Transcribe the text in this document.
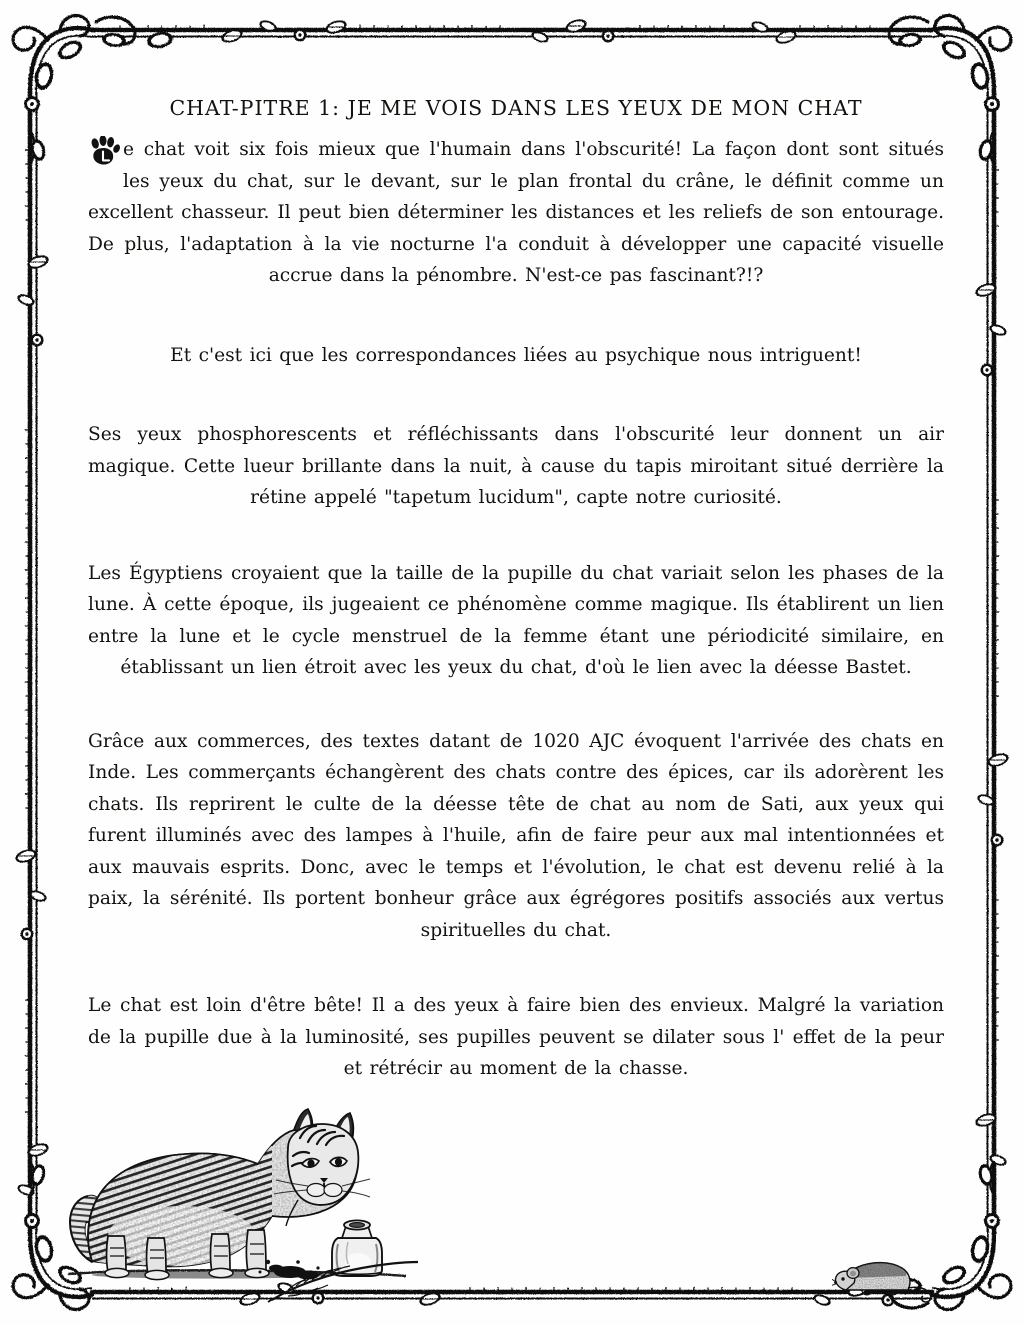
CHAT-PITRE 1: JE ME VOIS DANS LES YEUX DE MON CHAT

e chat voit six fois mieux que l'humain dans l'obscurité! La façon dont sont situés les yeux du chat, sur le devant, sur le plan frontal du crâne, le définit comme un excellent chasseur. Il peut bien déterminer les distances et les reliefs de son entourage. De plus, l'adaptation à la vie nocturne l'a conduit à développer une capacité visuelle accrue dans la pénombre. N'est-ce pas fascinant?!?

Et c'est ici que les correspondances liées au psychique nous intriguent!

Ses yeux phosphorescents et réfléchissants dans l'obscurité leur donnent un air magique. Cette lueur brillante dans la nuit, à cause du tapis miroitant situé derrière la rétine appelé "tapetum lucidum", capte notre curiosité.

Les Égyptiens croyaient que la taille de la pupille du chat variait selon les phases de la lune. À cette époque, ils jugeaient ce phénomène comme magique. Ils établirent un lien entre la lune et le cycle menstruel de la femme étant une périodicité similaire, en établissant un lien étroit avec les yeux du chat, d'où le lien avec la déesse Bastet.

Grâce aux commerces, des textes datant de 1020 AJC évoquent l'arrivée des chats en Inde. Les commerçants échangèrent des chats contre des épices, car ils adorèrent les chats. Ils reprirent le culte de la déesse tête de chat au nom de Sati, aux yeux qui furent illuminés avec des lampes à l'huile, afin de faire peur aux mal intentionnées et aux mauvais esprits. Donc, avec le temps et l'évolution, le chat est devenu relié à la paix, la sérénité. Ils portent bonheur grâce aux égrégores positifs associés aux vertus spirituelles du chat.

Le chat est loin d'être bête! Il a des yeux à faire bien des envieux. Malgré la variation de la pupille due à la luminosité, ses pupilles peuvent se dilater sous l' effet de la peur et rétrécir au moment de la chasse.
